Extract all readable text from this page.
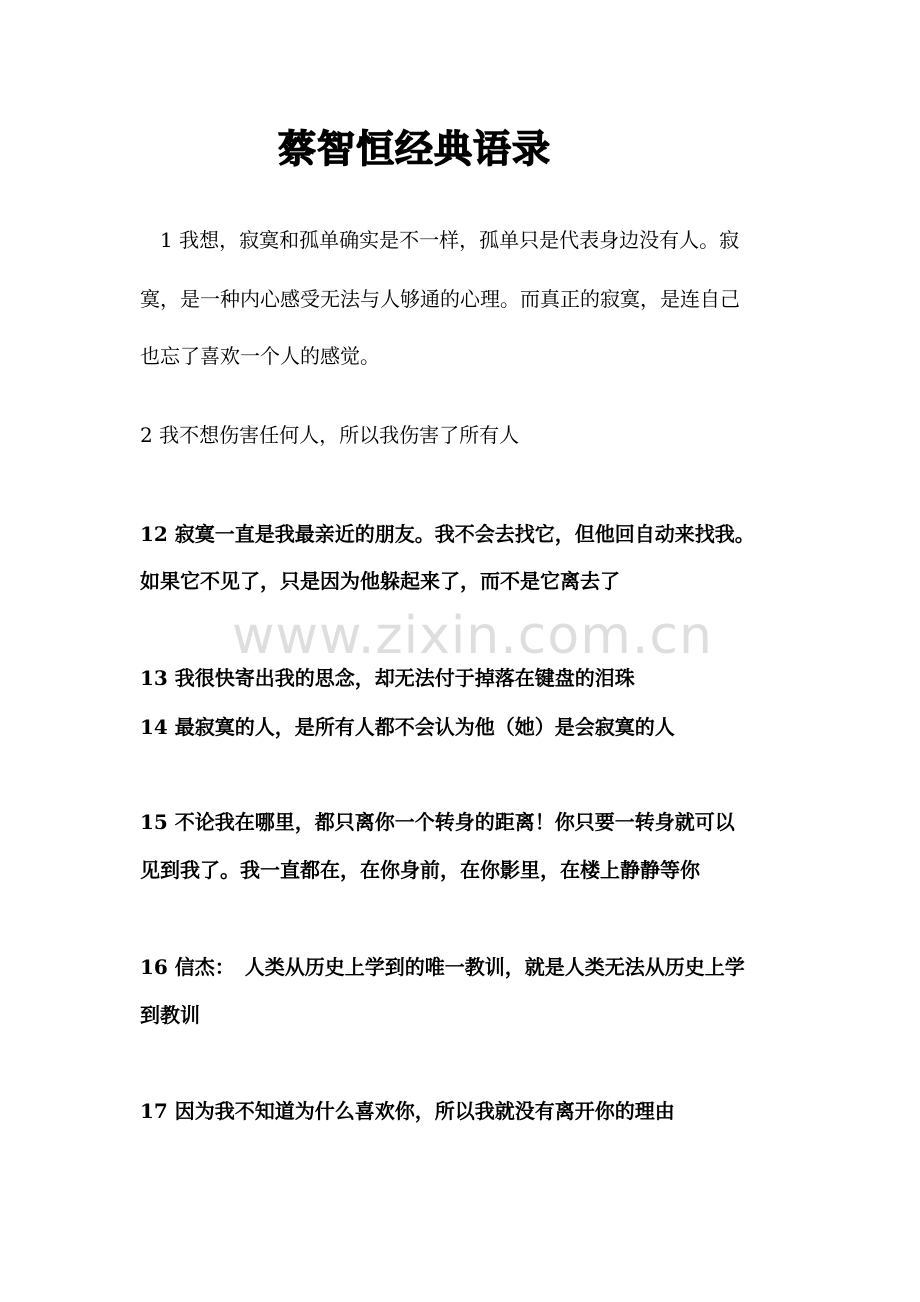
蔡智恒经典语录
1 我想，寂寞和孤单确实是不一样，孤单只是代表身边没有人。寂
寞，是一种内心感受无法与人够通的心理。而真正的寂寞，是连自己
也忘了喜欢一个人的感觉。
2 我不想伤害任何人，所以我伤害了所有人
12 寂寞一直是我最亲近的朋友。我不会去找它，但他回自动来找我。
如果它不见了，只是因为他躲起来了，而不是它离去了
www.zixin.com.cn
13 我很快寄出我的思念，却无法付于掉落在键盘的泪珠
14 最寂寞的人，是所有人都不会认为他（她）是会寂寞的人
15 不论我在哪里，都只离你一个转身的距离！你只要一转身就可以
见到我了。我一直都在，在你身前，在你影里，在楼上静静等你
16 信杰：　人类从历史上学到的唯一教训，就是人类无法从历史上学
到教训
17 因为我不知道为什么喜欢你，所以我就没有离开你的理由
